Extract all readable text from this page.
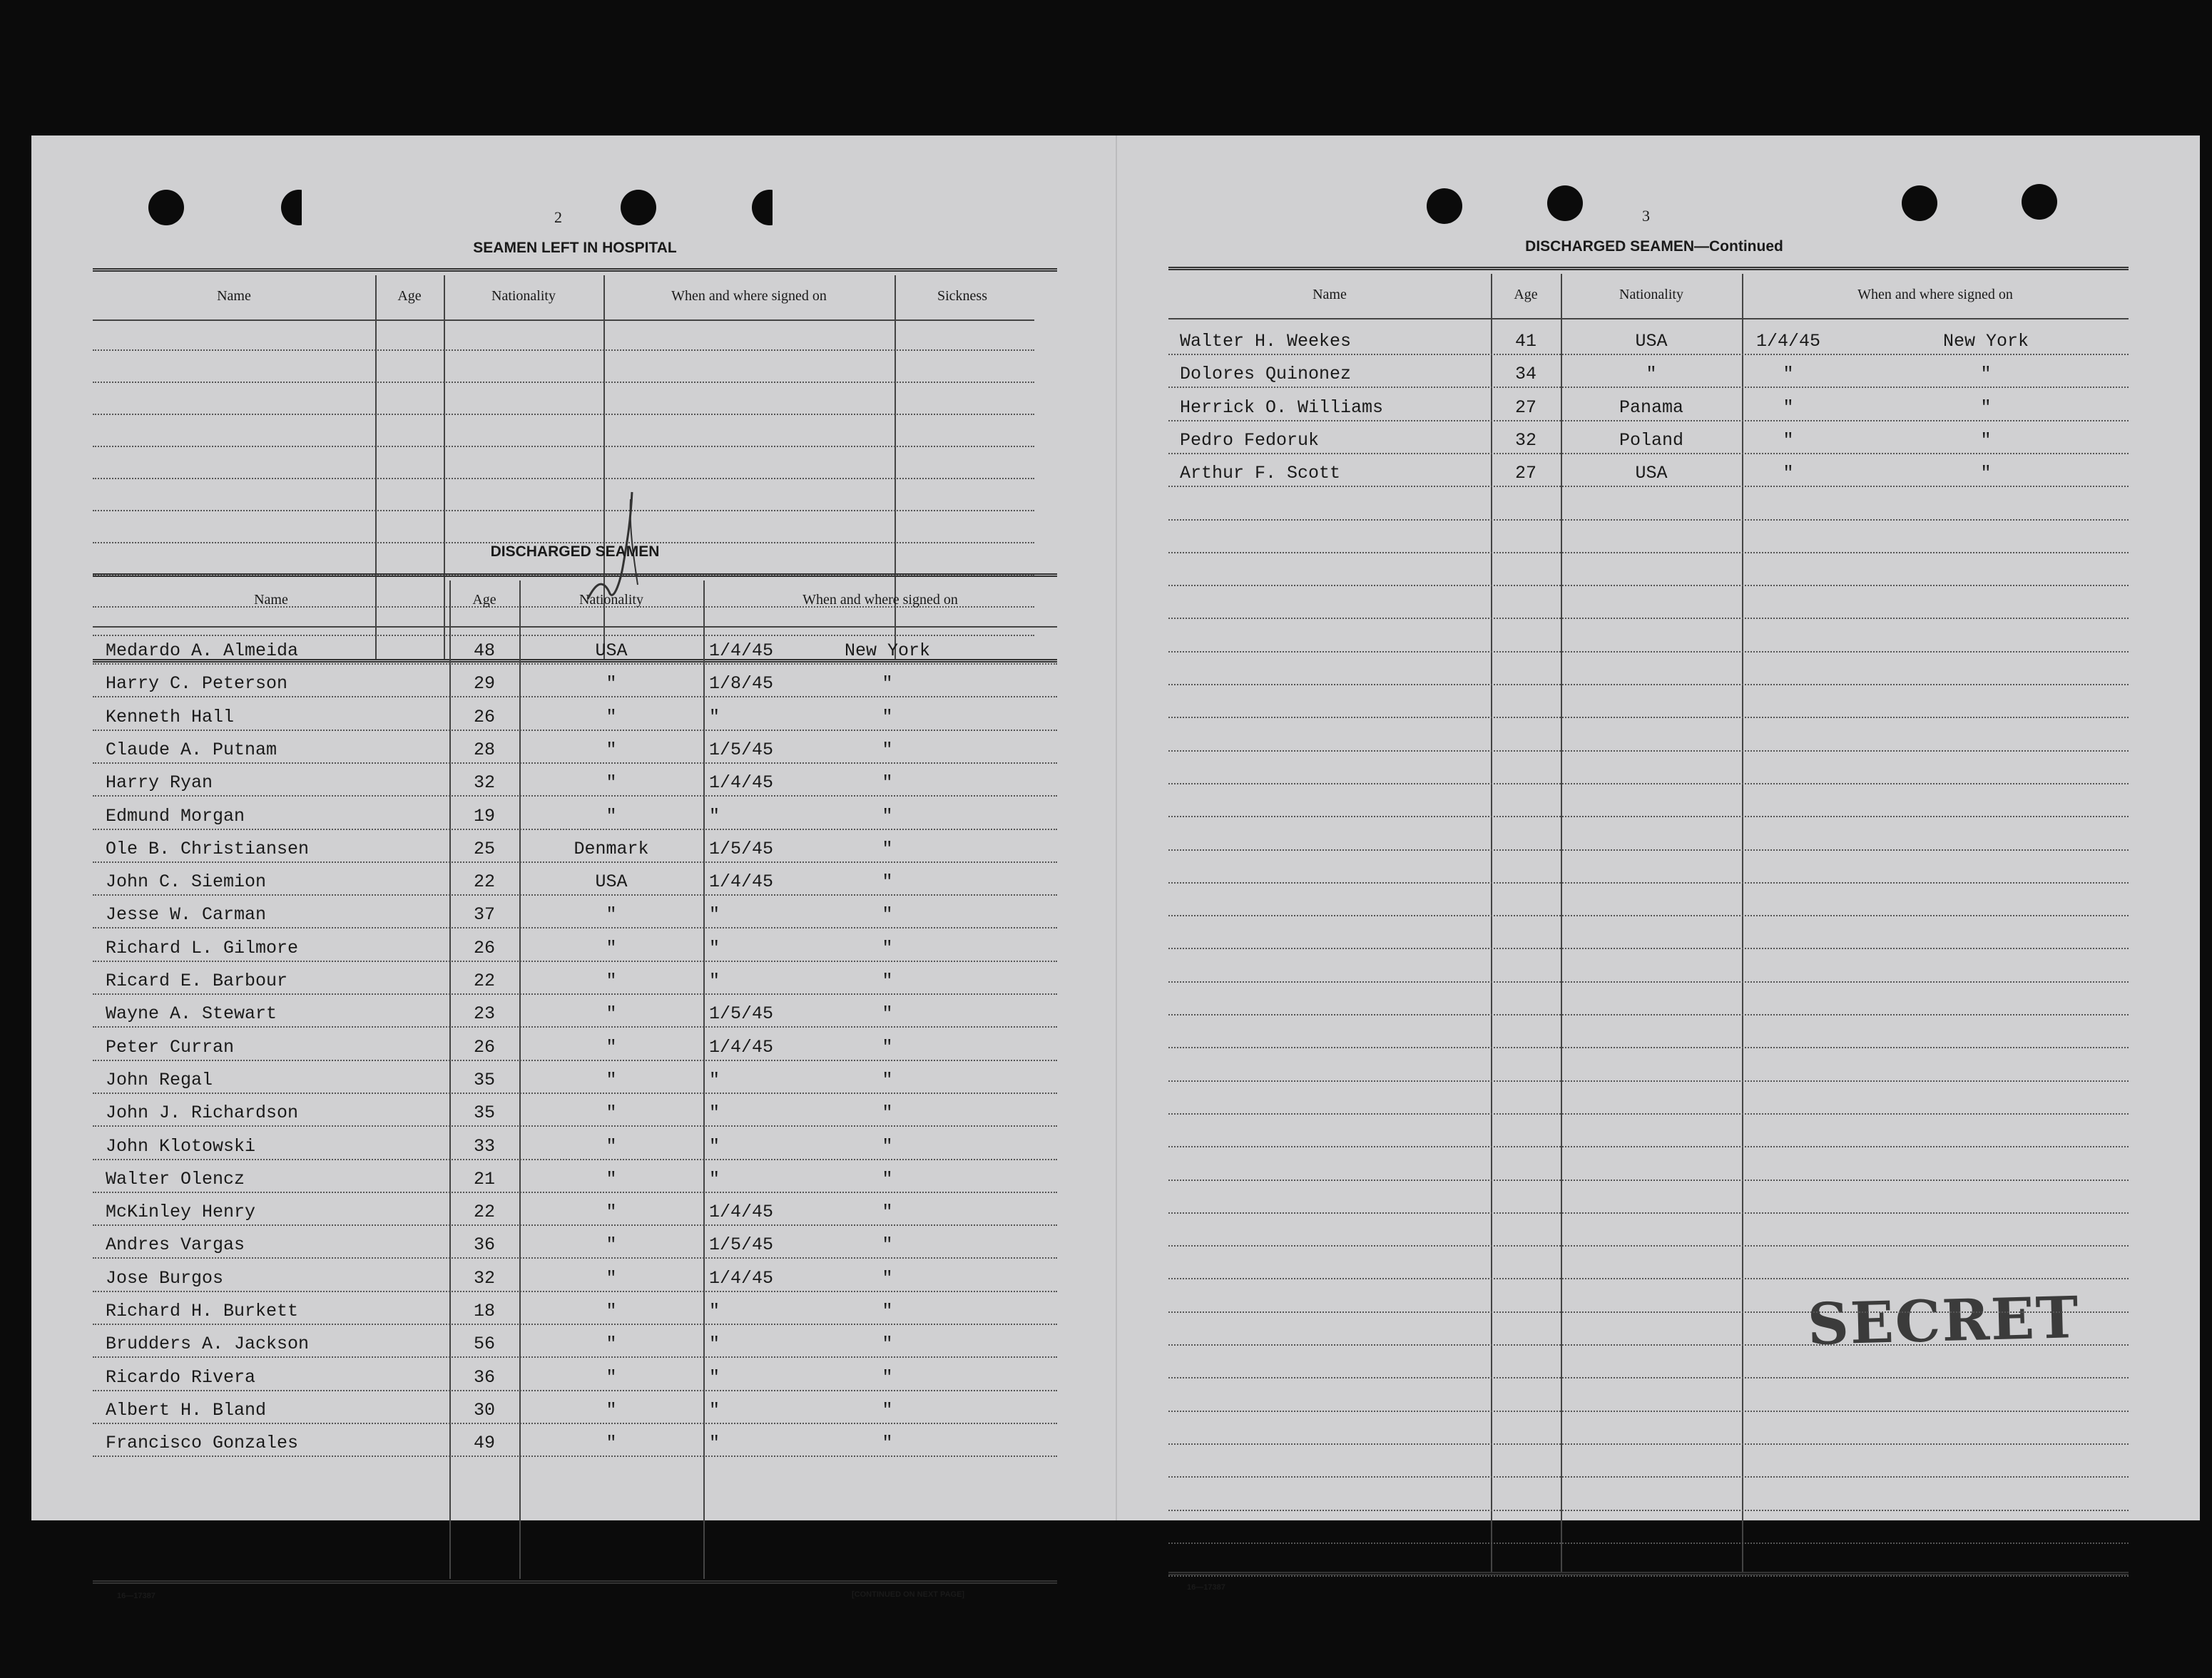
2
SEAMEN LEFT IN HOSPITAL
Name	Age	Nationality	When and where signed on	Sickness
DISCHARGED SEAMEN
Name	Age	Nationality	When and where signed on
16—17387	[CONTINUED ON NEXT PAGE]
3
DISCHARGED SEAMEN—Continued
Name	Age	Nationality	When and where signed on
16—17387
SECRET
Medardo A. Almeida	48	USA	1/4/45	New York
Harry C. Peterson	29	"	1/8/45	"
Kenneth Hall	26	"	"	"
Claude A. Putnam	28	"	1/5/45	"
Harry Ryan	32	"	1/4/45	"
Edmund Morgan	19	"	"	"
Ole B. Christiansen	25	Denmark	1/5/45	"
John C. Siemion	22	USA	1/4/45	"
Jesse W. Carman	37	"	"	"
Richard L. Gilmore	26	"	"	"
Ricard E. Barbour	22	"	"	"
Wayne A. Stewart	23	"	1/5/45	"
Peter Curran	26	"	1/4/45	"
John Regal	35	"	"	"
John J. Richardson	35	"	"	"
John Klotowski	33	"	"	"
Walter Olencz	21	"	"	"
McKinley Henry	22	"	1/4/45	"
Andres Vargas	36	"	1/5/45	"
Jose Burgos	32	"	1/4/45	"
Richard H. Burkett	18	"	"	"
Brudders A. Jackson	56	"	"	"
Ricardo Rivera	36	"	"	"
Albert H. Bland	30	"	"	"
Francisco Gonzales	49	"	"	"
Walter H. Weekes	41	USA	1/4/45	New York
Dolores Quinonez	34	"	"	"
Herrick O. Williams	27	Panama	"	"
Pedro Fedoruk	32	Poland	"	"
Arthur F. Scott	27	USA	"	"
